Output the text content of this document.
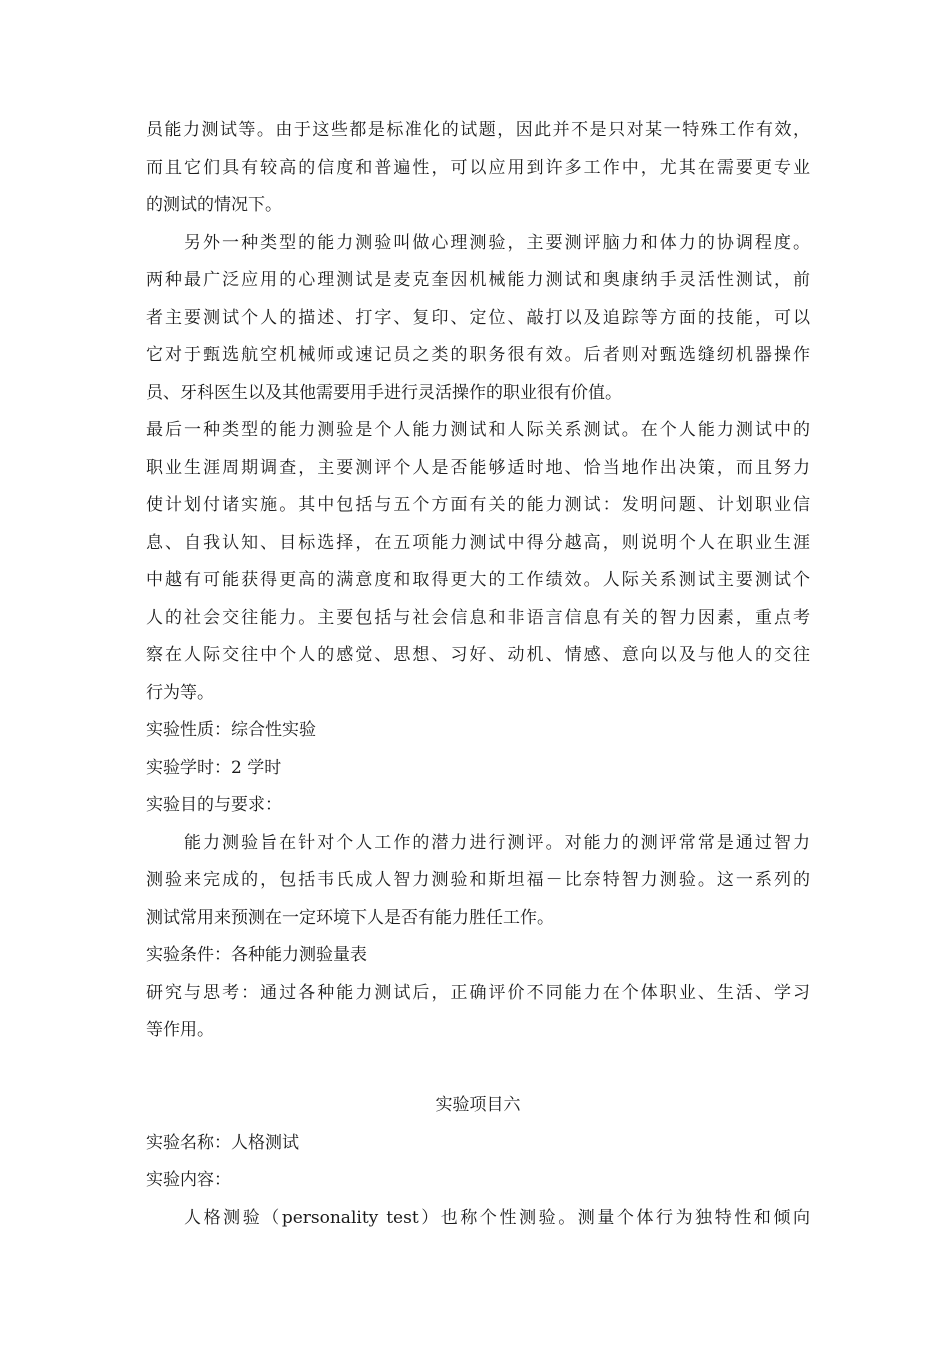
员能力测试等。由于这些都是标准化的试题，因此并不是只对某一特殊工作有效，
而且它们具有较高的信度和普遍性，可以应用到许多工作中，尤其在需要更专业
的测试的情况下。
另外一种类型的能力测验叫做心理测验，主要测评脑力和体力的协调程度。
两种最广泛应用的心理测试是麦克奎因机械能力测试和奥康纳手灵活性测试，前
者主要测试个人的描述、打字、复印、定位、敲打以及追踪等方面的技能，可以
它对于甄选航空机械师或速记员之类的职务很有效。后者则对甄选缝纫机器操作
员、牙科医生以及其他需要用手进行灵活操作的职业很有价值。
最后一种类型的能力测验是个人能力测试和人际关系测试。在个人能力测试中的
职业生涯周期调查，主要测评个人是否能够适时地、恰当地作出决策，而且努力
使计划付诸实施。其中包括与五个方面有关的能力测试：发明问题、计划职业信
息、自我认知、目标选择，在五项能力测试中得分越高，则说明个人在职业生涯
中越有可能获得更高的满意度和取得更大的工作绩效。人际关系测试主要测试个
人的社会交往能力。主要包括与社会信息和非语言信息有关的智力因素，重点考
察在人际交往中个人的感觉、思想、习好、动机、情感、意向以及与他人的交往
行为等。
实验性质：综合性实验
实验学时：2 学时
实验目的与要求：
能力测验旨在针对个人工作的潜力进行测评。对能力的测评常常是通过智力
测验来完成的，包括韦氏成人智力测验和斯坦福－比奈特智力测验。这一系列的
测试常用来预测在一定环境下人是否有能力胜任工作。
实验条件：各种能力测验量表
研究与思考：通过各种能力测试后，正确评价不同能力在个体职业、生活、学习
等作用。
实验项目六
实验名称：人格测试
实验内容：
人格测验（personality test）也称个性测验。测量个体行为独特性和倾向
